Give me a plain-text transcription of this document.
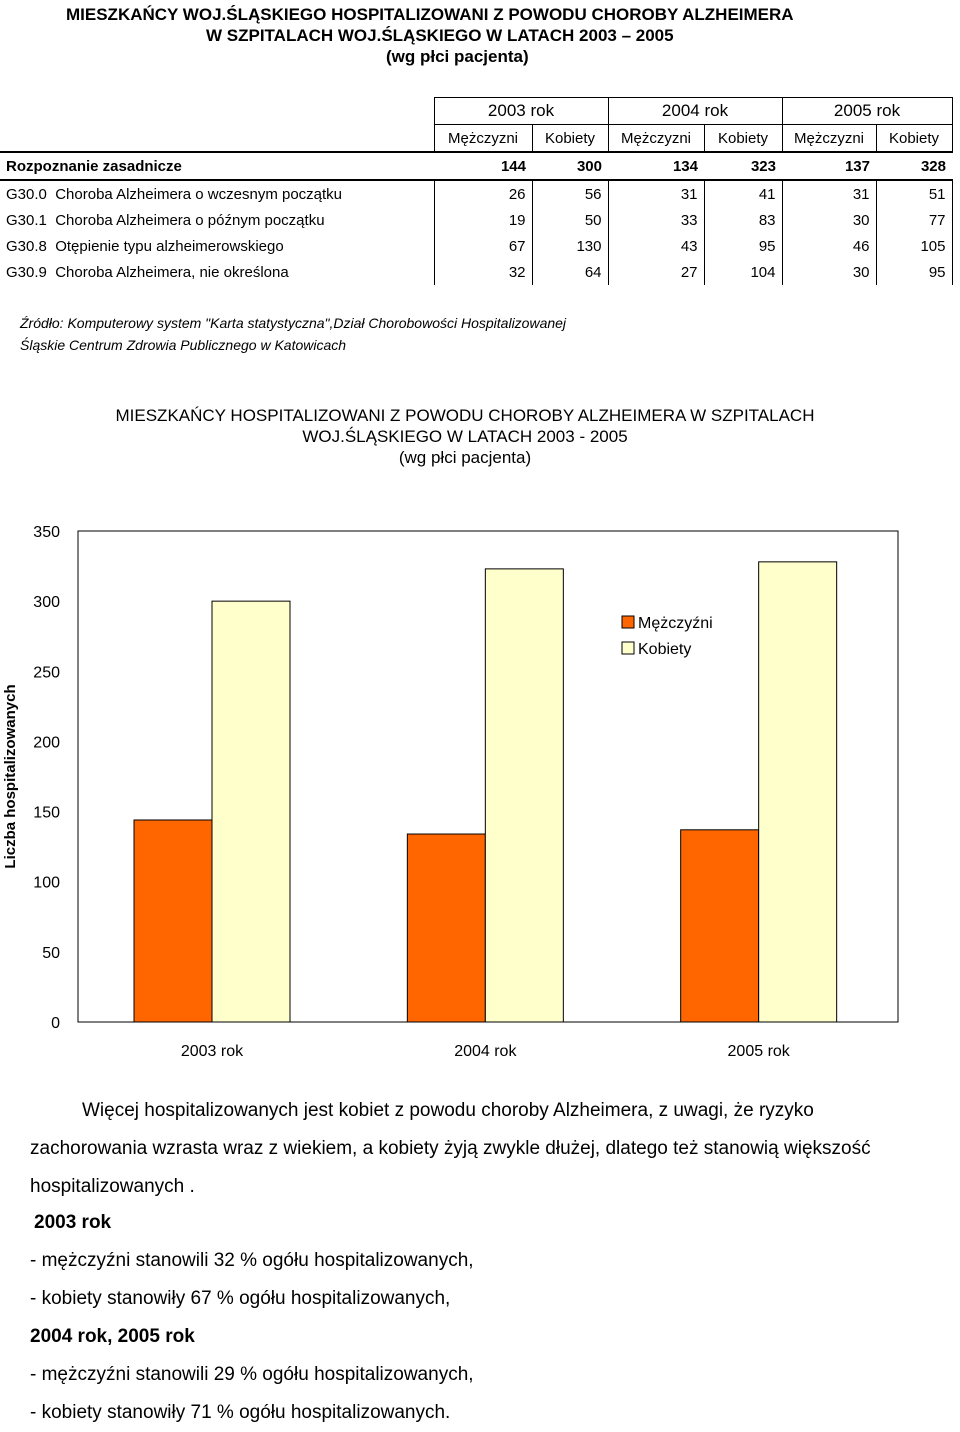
MIESZKAŃCY WOJ.ŚLĄSKIEGO HOSPITALIZOWANI Z POWODU CHOROBY ALZHEIMERA
W SZPITALACH WOJ.ŚLĄSKIEGO W LATACH 2003 – 2005
(wg płci pacjenta)
	2003 rok		2004 rok		2005 rok	
	Mężczyzni	Kobiety	Mężczyzni	Kobiety	Mężczyzni	Kobiety
Rozpoznanie zasadnicze	144	300	134	323	137	328
G30.0 Choroba Alzheimera o wczesnym początku	26	56	31	41	31	51
G30.1 Choroba Alzheimera o późnym początku	19	50	33	83	30	77
G30.8 Otępienie typu alzheimerowskiego	67	130	43	95	46	105
G30.9 Choroba Alzheimera, nie określona	32	64	27	104	30	95
Źródło: Komputerowy system "Karta statystyczna",Dział Chorobowości Hospitalizowanej
Śląskie Centrum Zdrowia Publicznego w Katowicach
MIESZKAŃCY HOSPITALIZOWANI Z POWODU CHOROBY ALZHEIMERA W SZPITALACH
WOJ.ŚLĄSKIEGO W LATACH 2003 - 2005
(wg płci pacjenta)
0
50
100
150
200
250
300
350
Liczba hospitalizowanych
2003 rok	2004 rok	2005 rok
Mężczyźni
Kobiety
Więcej hospitalizowanych jest kobiet z powodu choroby Alzheimera, z uwagi, że ryzyko zachorowania wzrasta wraz z wiekiem, a kobiety żyją zwykle dłużej, dlatego też stanowią większość hospitalizowanych .
2003 rok
- mężczyźni stanowili 32 % ogółu hospitalizowanych,
- kobiety stanowiły 67 % ogółu hospitalizowanych,
2004 rok, 2005 rok
- mężczyźni stanowili 29 % ogółu hospitalizowanych,
- kobiety stanowiły 71 % ogółu hospitalizowanych.
